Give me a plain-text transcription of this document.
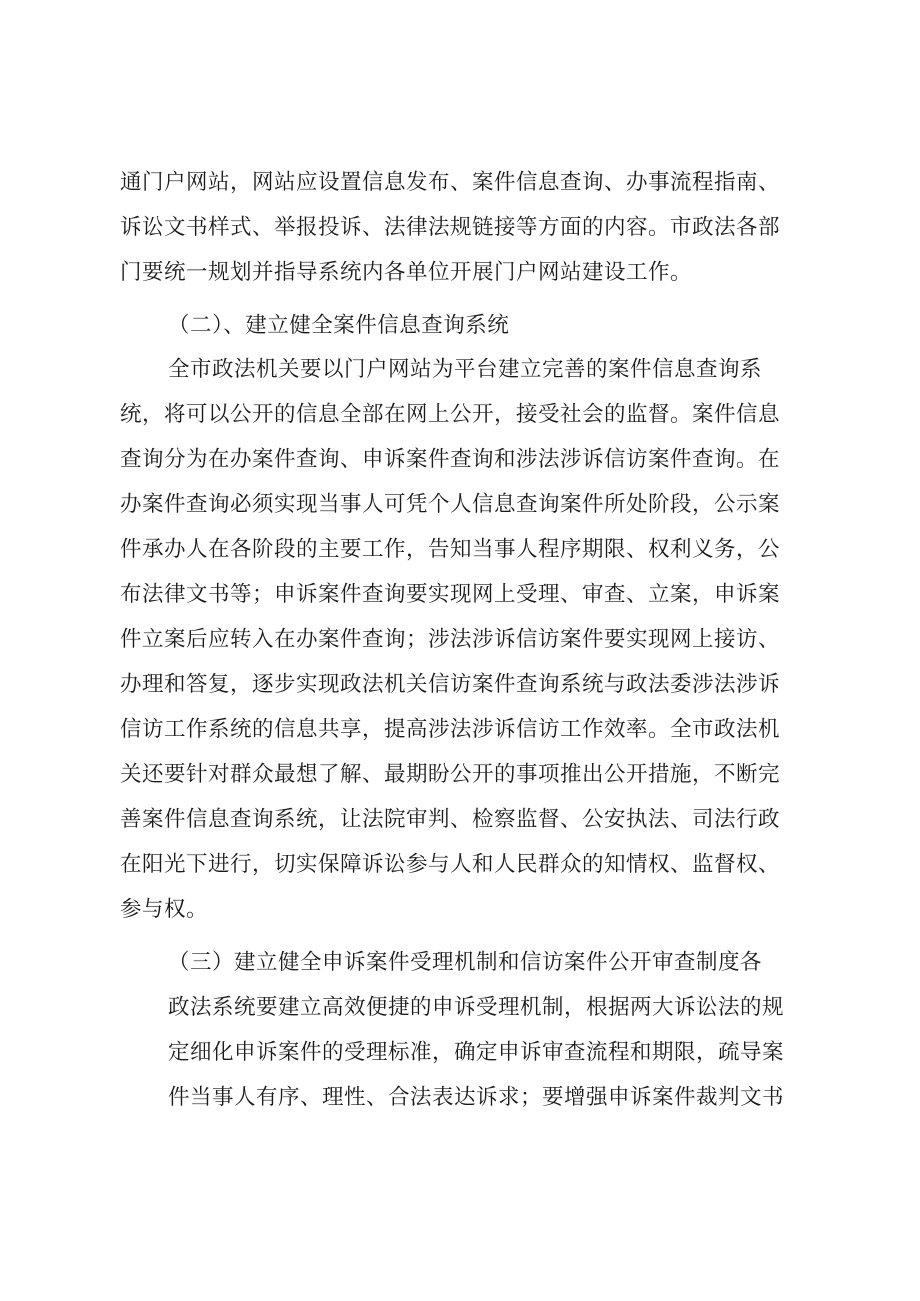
通门户网站，网站应设置信息发布、案件信息查询、办事流程指南、
诉讼文书样式、举报投诉、法律法规链接等方面的内容。市政法各部
门要统一规划并指导系统内各单位开展门户网站建设工作。
（二）、建立健全案件信息查询系统
全市政法机关要以门户网站为平台建立完善的案件信息查询系
统，将可以公开的信息全部在网上公开，接受社会的监督。案件信息
查询分为在办案件查询、申诉案件查询和涉法涉诉信访案件查询。在
办案件查询必须实现当事人可凭个人信息查询案件所处阶段，公示案
件承办人在各阶段的主要工作，告知当事人程序期限、权利义务，公
布法律文书等；申诉案件查询要实现网上受理、审查、立案，申诉案
件立案后应转入在办案件查询；涉法涉诉信访案件要实现网上接访、
办理和答复，逐步实现政法机关信访案件查询系统与政法委涉法涉诉
信访工作系统的信息共享，提高涉法涉诉信访工作效率。全市政法机
关还要针对群众最想了解、最期盼公开的事项推出公开措施，不断完
善案件信息查询系统，让法院审判、检察监督、公安执法、司法行政
在阳光下进行，切实保障诉讼参与人和人民群众的知情权、监督权、
参与权。
（三）建立健全申诉案件受理机制和信访案件公开审查制度各
政法系统要建立高效便捷的申诉受理机制，根据两大诉讼法的规
定细化申诉案件的受理标准，确定申诉审查流程和期限，疏导案
件当事人有序、理性、合法表达诉求；要增强申诉案件裁判文书
